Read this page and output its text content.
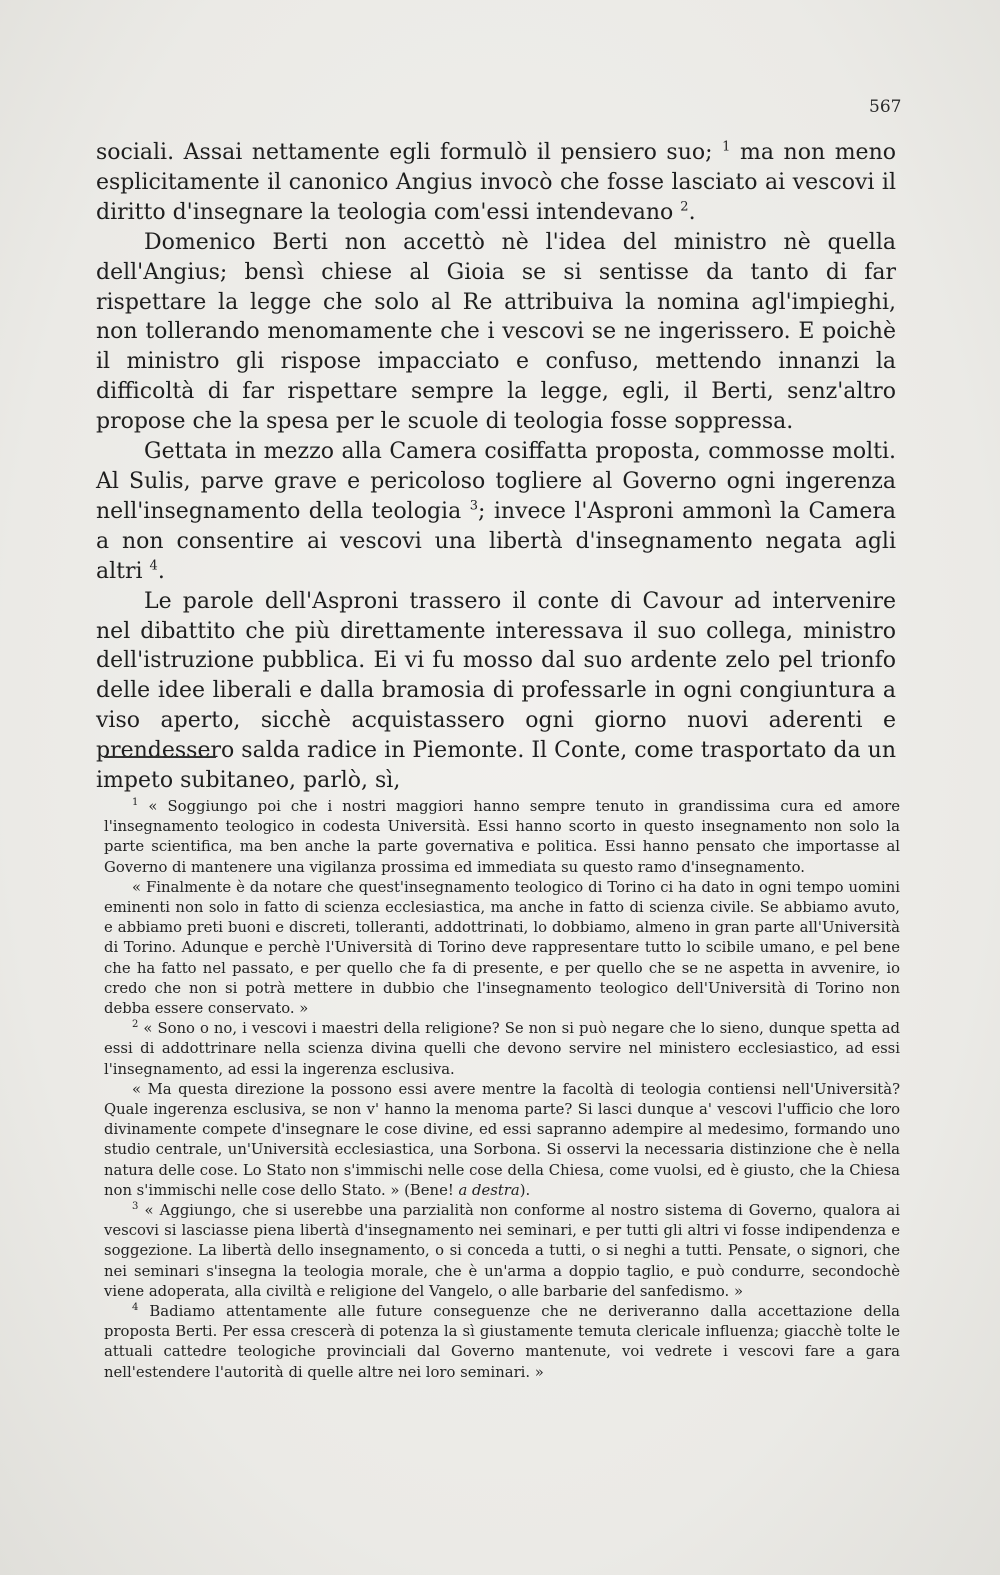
567

sociali. Assai nettamente egli formulò il pensiero suo; $^1$ ma non meno esplicitamente il canonico Angius invocò che fosse lasciato ai vescovi il diritto d'insegnare la teologia com'essi intendevano $^2$.

Domenico Berti non accettò nè l'idea del ministro nè quella dell'Angius; bensì chiese al Gioia se si sentisse da tanto di far rispettare la legge che solo al Re attribuiva la nomina agl'impieghi, non tollerando menomamente che i vescovi se ne ingerissero. E poichè il ministro gli rispose impacciato e confuso, mettendo innanzi la difficoltà di far rispettare sempre la legge, egli, il Berti, senz'altro propose che la spesa per le scuole di teologia fosse soppressa.

Gettata in mezzo alla Camera cosiffatta proposta, commosse molti. Al Sulis, parve grave e pericoloso togliere al Governo ogni ingerenza nell'insegnamento della teologia $^3$; invece l'Asproni ammonì la Camera a non consentire ai vescovi una libertà d'insegnamento negata agli altri $^4$.

Le parole dell'Asproni trassero il conte di Cavour ad intervenire nel dibattito che più direttamente interessava il suo collega, ministro dell'istruzione pubblica. Ei vi fu mosso dal suo ardente zelo pel trionfo delle idee liberali e dalla bramosia di professarle in ogni congiuntura a viso aperto, sicchè acquistassero ogni giorno nuovi aderenti e prendessero salda radice in Piemonte. Il Conte, come trasportato da un impeto subitaneo, parlò, sì,

$^1$ « Soggiungo poi che i nostri maggiori hanno sempre tenuto in grandissima cura ed amore l'insegnamento teologico in codesta Università. Essi hanno scorto in questo insegnamento non solo la parte scientifica, ma ben anche la parte governativa e politica. Essi hanno pensato che importasse al Governo di mantenere una vigilanza prossima ed immediata su questo ramo d'insegnamento.

« Finalmente è da notare che quest'insegnamento teologico di Torino ci ha dato in ogni tempo uomini eminenti non solo in fatto di scienza ecclesiastica, ma anche in fatto di scienza civile. Se abbiamo avuto, e abbiamo preti buoni e discreti, tolleranti, addottrinati, lo dobbiamo, almeno in gran parte all'Università di Torino. Adunque e perchè l'Università di Torino deve rappresentare tutto lo scibile umano, e pel bene che ha fatto nel passato, e per quello che fa di presente, e per quello che se ne aspetta in avvenire, io credo che non si potrà mettere in dubbio che l'insegnamento teologico dell'Università di Torino non debba essere conservato. »

$^2$ « Sono o no, i vescovi i maestri della religione? Se non si può negare che lo sieno, dunque spetta ad essi di addottrinare nella scienza divina quelli che devono servire nel ministero ecclesiastico, ad essi l'insegnamento, ad essi la ingerenza esclusiva.

« Ma questa direzione la possono essi avere mentre la facoltà di teologia contiensi nell'Università? Quale ingerenza esclusiva, se non v' hanno la menoma parte? Si lasci dunque a' vescovi l'ufficio che loro divinamente compete d'insegnare le cose divine, ed essi sapranno adempire al medesimo, formando uno studio centrale, un'Università ecclesiastica, una Sorbona. Si osservi la necessaria distinzione che è nella natura delle cose. Lo Stato non s'immischi nelle cose della Chiesa, come vuolsi, ed è giusto, che la Chiesa non s'immischi nelle cose dello Stato. » (Bene! a destra).

$^3$ « Aggiungo, che si userebbe una parzialità non conforme al nostro sistema di Governo, qualora ai vescovi si lasciasse piena libertà d'insegnamento nei seminari, e per tutti gli altri vi fosse indipendenza e soggezione. La libertà dello insegnamento, o si conceda a tutti, o si neghi a tutti. Pensate, o signori, che nei seminari s'insegna la teologia morale, che è un'arma a doppio taglio, e può condurre, secondochè viene adoperata, alla civiltà e religione del Vangelo, o alle barbarie del sanfedismo. »

$^4$ Badiamo attentamente alle future conseguenze che ne deriveranno dalla accettazione della proposta Berti. Per essa crescerà di potenza la sì giustamente temuta clericale influenza; giacchè tolte le attuali cattedre teologiche provinciali dal Governo mantenute, voi vedrete i vescovi fare a gara nell'estendere l'autorità di quelle altre nei loro seminari. »
